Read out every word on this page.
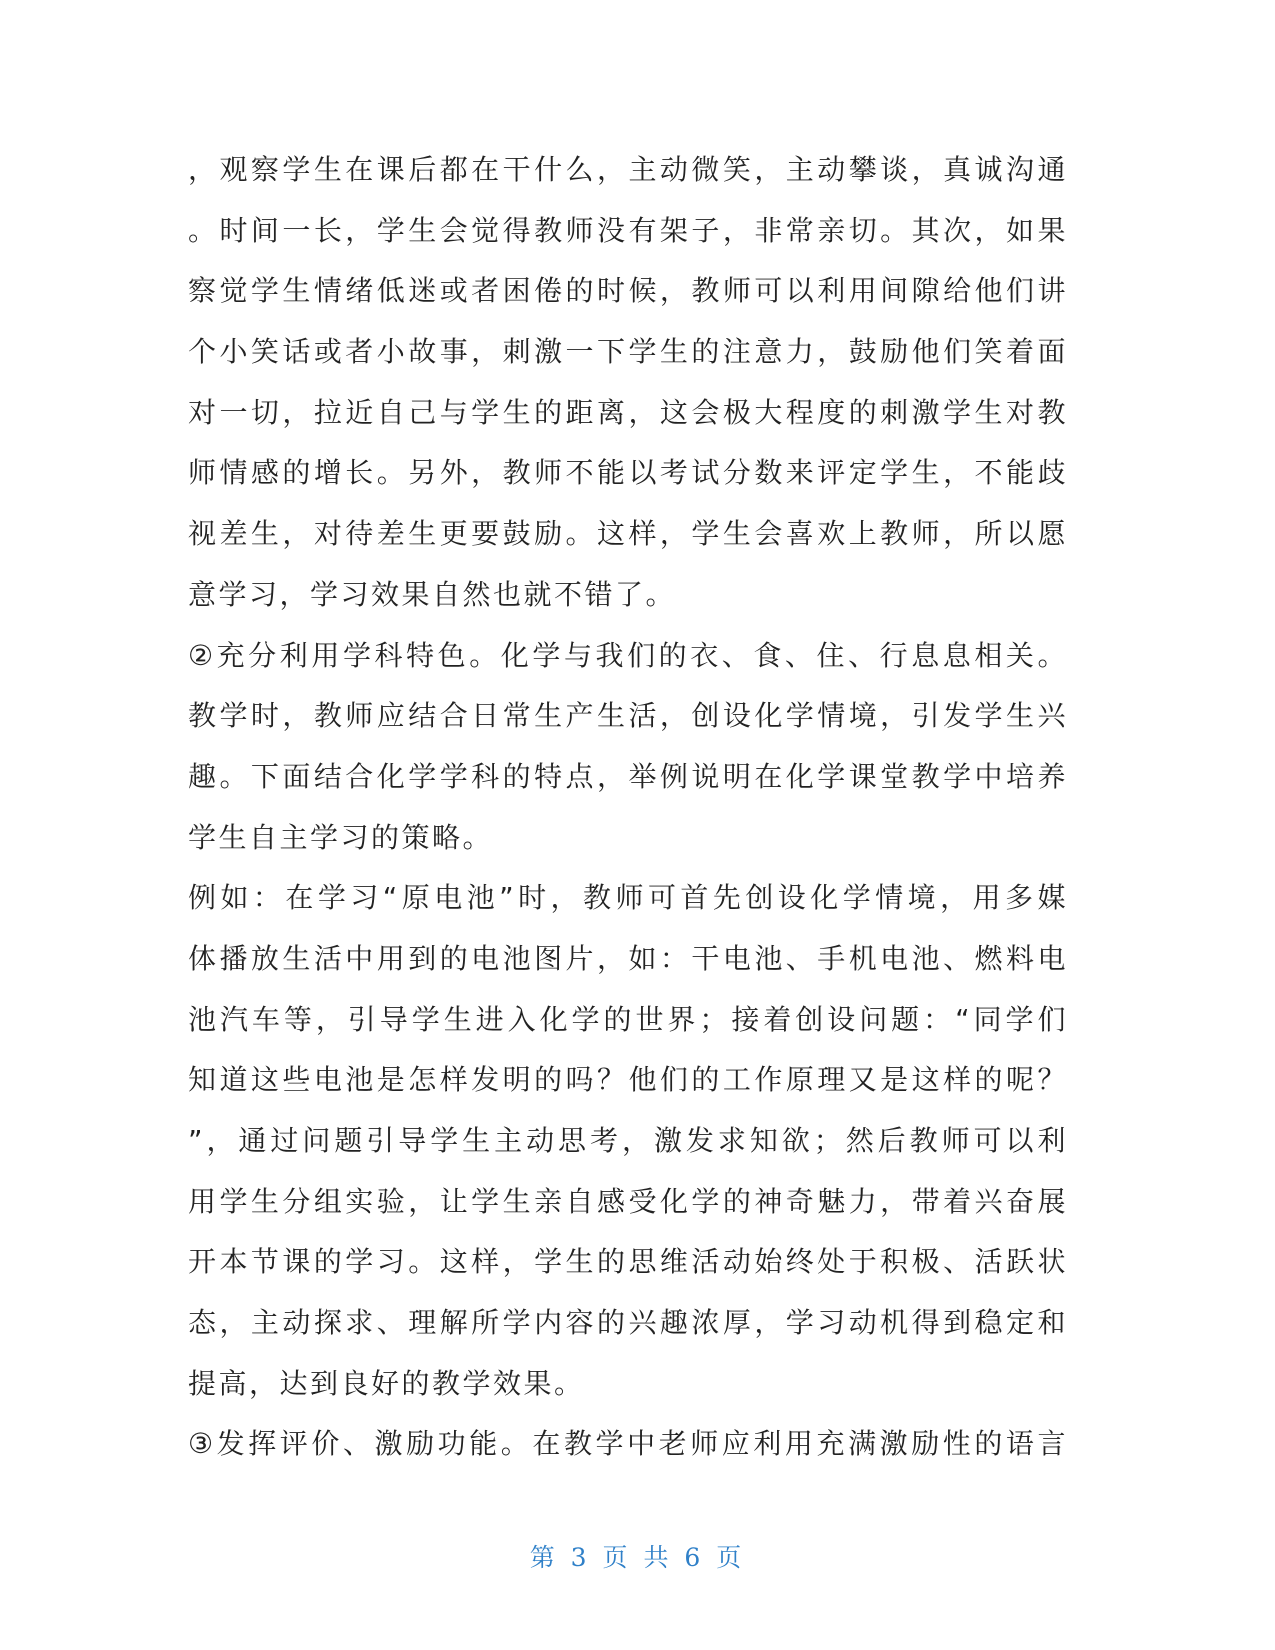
，观察学生在课后都在干什么，主动微笑，主动攀谈，真诚沟通
。时间一长，学生会觉得教师没有架子，非常亲切。其次，如果
察觉学生情绪低迷或者困倦的时候，教师可以利用间隙给他们讲
个小笑话或者小故事，刺激一下学生的注意力，鼓励他们笑着面
对一切，拉近自己与学生的距离，这会极大程度的刺激学生对教
师情感的增长。另外，教师不能以考试分数来评定学生，不能歧
视差生，对待差生更要鼓励。这样，学生会喜欢上教师，所以愿
意学习，学习效果自然也就不错了。
②充分利用学科特色。化学与我们的衣、食、住、行息息相关。
教学时，教师应结合日常生产生活，创设化学情境，引发学生兴
趣。下面结合化学学科的特点，举例说明在化学课堂教学中培养
学生自主学习的策略。
例如：在学习“原电池”时，教师可首先创设化学情境，用多媒
体播放生活中用到的电池图片，如：干电池、手机电池、燃料电
池汽车等，引导学生进入化学的世界；接着创设问题：“同学们
知道这些电池是怎样发明的吗？他们的工作原理又是这样的呢？
”，通过问题引导学生主动思考，激发求知欲；然后教师可以利
用学生分组实验，让学生亲自感受化学的神奇魅力，带着兴奋展
开本节课的学习。这样，学生的思维活动始终处于积极、活跃状
态，主动探求、理解所学内容的兴趣浓厚，学习动机得到稳定和
提高，达到良好的教学效果。
③发挥评价、激励功能。在教学中老师应利用充满激励性的语言
第 3 页 共 6 页
